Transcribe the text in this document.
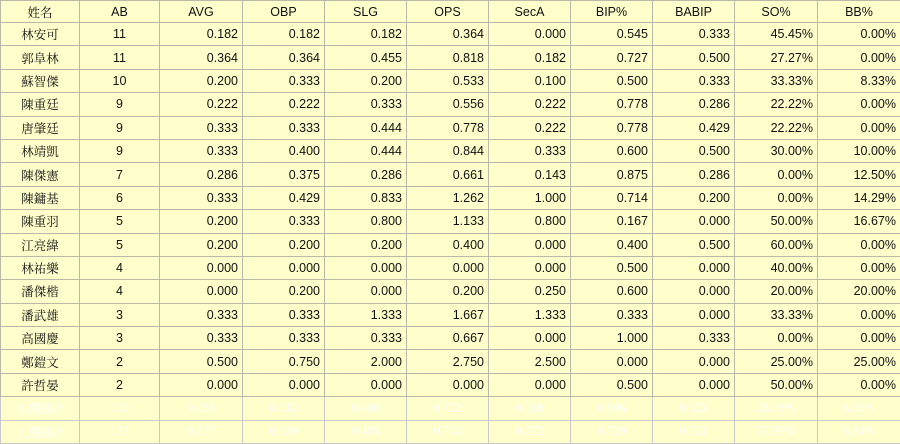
姓名	AB	AVG	OBP	SLG	OPS	SecA	BIP%	BABIP	SO%	BB%
林安可	11	0.182	0.182	0.182	0.364	0.000	0.545	0.333	45.45%	0.00%
郭阜林	11	0.364	0.364	0.455	0.818	0.182	0.727	0.500	27.27%	0.00%
蘇智傑	10	0.200	0.333	0.200	0.533	0.100	0.500	0.333	33.33%	8.33%
陳重廷	9	0.222	0.222	0.333	0.556	0.222	0.778	0.286	22.22%	0.00%
唐肇廷	9	0.333	0.333	0.444	0.778	0.222	0.778	0.429	22.22%	0.00%
林靖凱	9	0.333	0.400	0.444	0.844	0.333	0.600	0.500	30.00%	10.00%
陳傑憲	7	0.286	0.375	0.286	0.661	0.143	0.875	0.286	0.00%	12.50%
陳鏞基	6	0.333	0.429	0.833	1.262	1.000	0.714	0.200	0.00%	14.29%
陳重羽	5	0.200	0.333	0.800	1.133	0.800	0.167	0.000	50.00%	16.67%
江亮緯	5	0.200	0.200	0.200	0.400	0.000	0.400	0.500	60.00%	0.00%
林祐樂	4	0.000	0.000	0.000	0.000	0.000	0.500	0.000	40.00%	0.00%
潘傑楷	4	0.000	0.200	0.000	0.200	0.250	0.600	0.000	20.00%	20.00%
潘武雄	3	0.333	0.333	1.333	1.667	1.333	0.333	0.000	33.33%	0.00%
高國慶	3	0.333	0.333	0.333	0.667	0.000	1.000	0.333	0.00%	0.00%
鄭鎧文	2	0.500	0.750	2.000	2.750	2.500	0.000	0.000	25.00%	25.00%
許哲晏	2	0.000	0.000	0.000	0.000	0.000	0.500	0.000	50.00%	0.00%
本週總計	100	0.250	0.312	0.410	0.722	0.310	0.596	0.323	28.18%	6.36%
上週總計	173	0.277	0.339	0.405	0.743	0.272	0.720	0.331	17.89%	6.84%
